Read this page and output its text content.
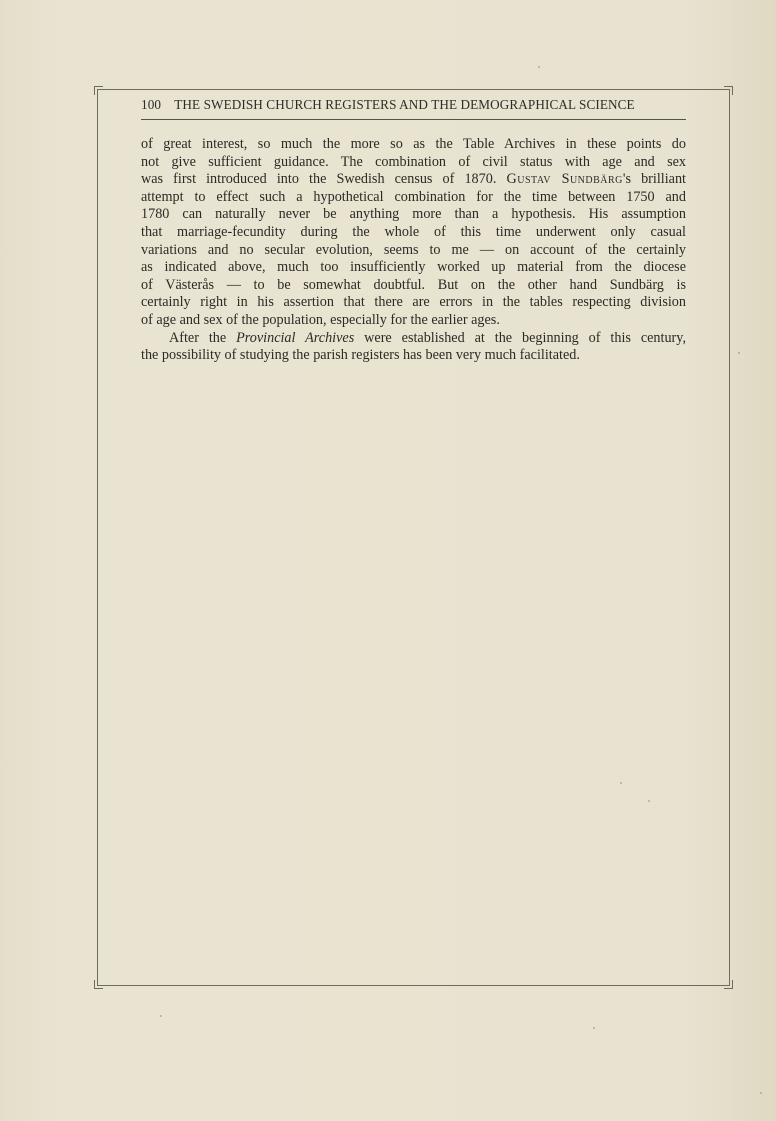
100 THE SWEDISH CHURCH REGISTERS AND THE DEMOGRAPHICAL SCIENCE
of great interest, so much the more so as the Table Archives in these points do
not give sufficient guidance. The combination of civil status with age and sex
was first introduced into the Swedish census of 1870. Gustav Sundbärg's brilliant
attempt to effect such a hypothetical combination for the time between 1750 and
1780 can naturally never be anything more than a hypothesis. His assumption
that marriage-fecundity during the whole of this time underwent only casual
variations and no secular evolution, seems to me — on account of the certainly
as indicated above, much too insufficiently worked up material from the diocese
of Västerås — to be somewhat doubtful. But on the other hand Sundbärg is
certainly right in his assertion that there are errors in the tables respecting division
of age and sex of the population, especially for the earlier ages.
After the Provincial Archives were established at the beginning of this century,
the possibility of studying the parish registers has been very much facilitated.
